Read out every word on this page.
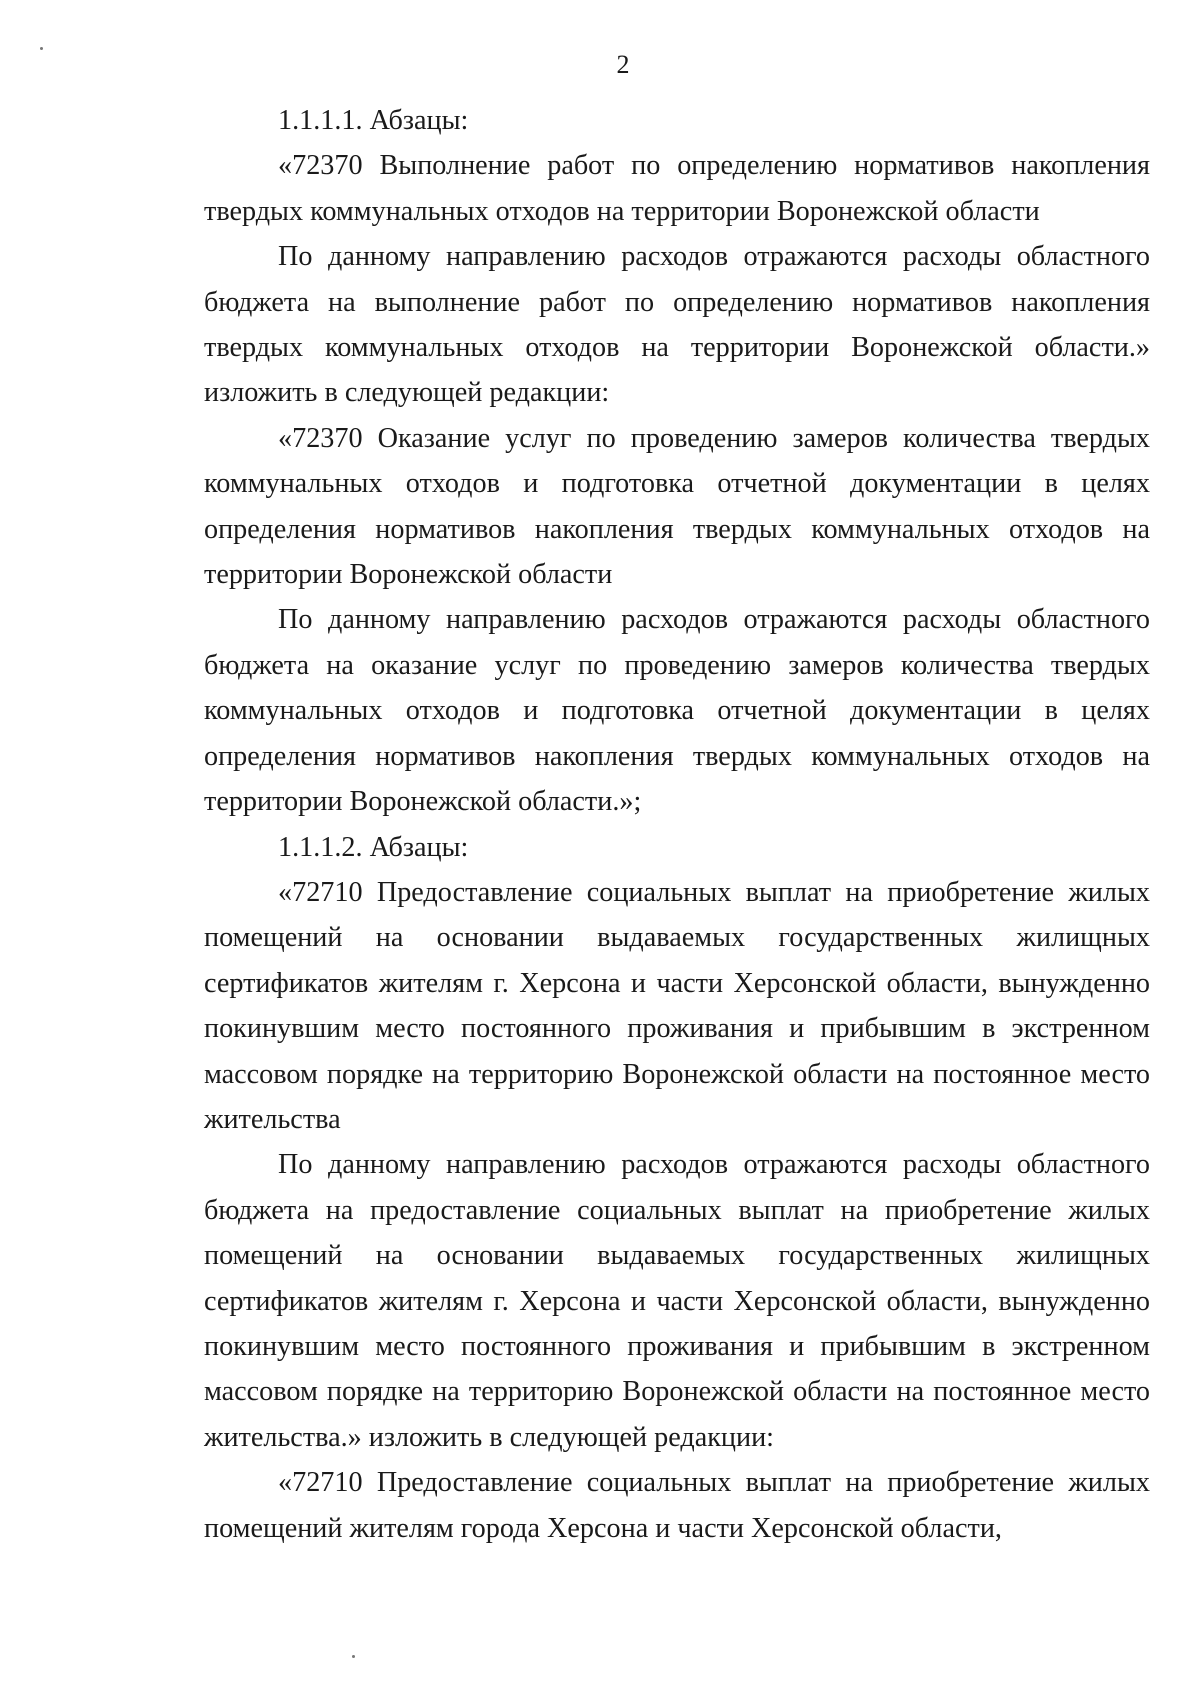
2

1.1.1.1. Абзацы:

«72370 Выполнение работ по определению нормативов накопления твердых коммунальных отходов на территории Воронежской области

По данному направлению расходов отражаются расходы областного бюджета на выполнение работ по определению нормативов накопления твердых коммунальных отходов на территории Воронежской области.» изложить в следующей редакции:

«72370 Оказание услуг по проведению замеров количества твердых коммунальных отходов и подготовка отчетной документации в целях определения нормативов накопления твердых коммунальных отходов на территории Воронежской области

По данному направлению расходов отражаются расходы областного бюджета на оказание услуг по проведению замеров количества твердых коммунальных отходов и подготовка отчетной документации в целях определения нормативов накопления твердых коммунальных отходов на территории Воронежской области.»;

1.1.1.2. Абзацы:

«72710 Предоставление социальных выплат на приобретение жилых помещений на основании выдаваемых государственных жилищных сертификатов жителям г. Херсона и части Херсонской области, вынужденно покинувшим место постоянного проживания и прибывшим в экстренном массовом порядке на территорию Воронежской области на постоянное место жительства

По данному направлению расходов отражаются расходы областного бюджета на предоставление социальных выплат на приобретение жилых помещений на основании выдаваемых государственных жилищных сертификатов жителям г. Херсона и части Херсонской области, вынужденно покинувшим место постоянного проживания и прибывшим в экстренном массовом порядке на территорию Воронежской области на постоянное место жительства.» изложить в следующей редакции:

«72710 Предоставление социальных выплат на приобретение жилых помещений жителям города Херсона и части Херсонской области,
